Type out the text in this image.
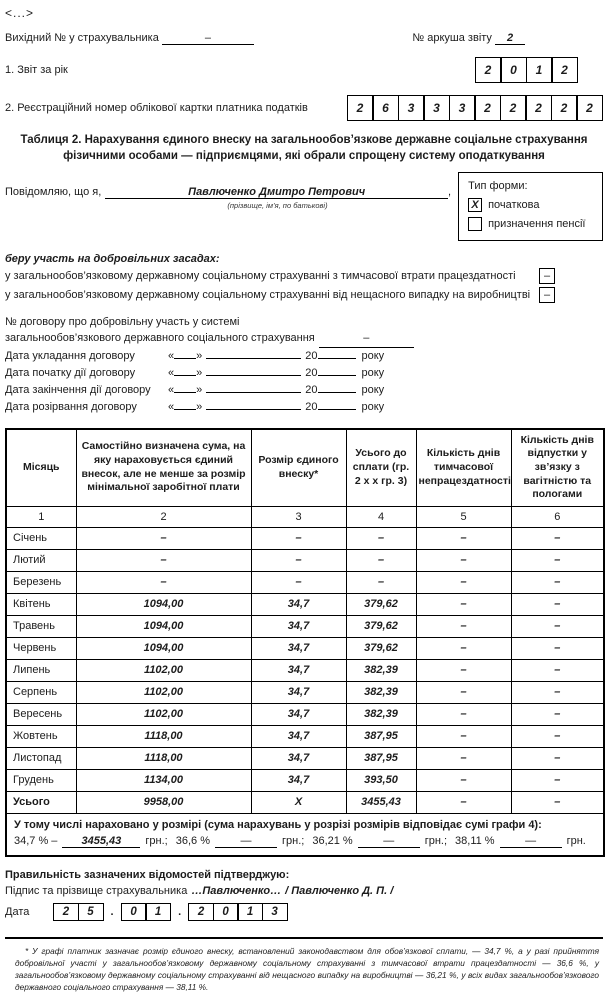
<...>
Вихідний № у страхувальника	–	№ аркуша звіту 2
1. Звіт за рік	2	0	1	2
2. Реєстраційний номер облікової картки платника податків	2	6	3	3	3	2	2	2	2	2
Таблиця 2. Нарахування єдиного внеску на загальнообов’язкове державне соціальне страхування
фізичними особами — підприємцями, які обрали спрощену систему оподаткування
Повідомляю, що я,	Павлюченко Дмитро Петрович	,
(прізвище, ім’я, по батькові)
Тип форми:
X початкова
призначення пенсії
беру участь на добровільних засадах:
у загальнообов’язковому державному соціальному страхуванні з тимчасової втрати працездатності	–
у загальнообов’язковому державному соціальному страхуванні від нещасного випадку на виробництві	–
№ договору про добровільну участь у системі
загальнообов’язкового державного соціального страхування	–
Дата укладання договору	« »	20	року
Дата початку дії договору	« »	20	року
Дата закінчення дії договору	« »	20	року
Дата розірвання договору	« »	20	року
Місяць	Самостійно визначена сума, на яку нараховується єдиний внесок, але не менше за розмір мінімальної заробітної плати	Розмір єдиного внеску*	Усього до сплати (гр. 2 х х гр. 3)	Кількість днів тимчасової непрацездатності	Кількість днів відпустки у зв’язку з вагітністю та пологами
1	2	3	4	5	6
Січень	–	–	–	–	–
Лютий	–	–	–	–	–
Березень	–	–	–	–	–
Квітень	1094,00	34,7	379,62	–	–
Травень	1094,00	34,7	379,62	–	–
Червень	1094,00	34,7	379,62	–	–
Липень	1102,00	34,7	382,39	–	–
Серпень	1102,00	34,7	382,39	–	–
Вересень	1102,00	34,7	382,39	–	–
Жовтень	1118,00	34,7	387,95	–	–
Листопад	1118,00	34,7	387,95	–	–
Грудень	1134,00	34,7	393,50	–	–
Усього	9958,00	Х	3455,43	–	–

У тому числі нараховано у розмірі (сума нарахувань у розрізі розмірів відповідає сумі графи 4):
34,7 % –	3455,43	грн.; 36,6 %	—	грн.; 36,21 %	—	грн.; 38,11 %	—	грн.
Правильність зазначених відомостей підтверджую:
Підпис та прізвище страхувальника …Павлюченко… / Павлюченко Д. П. /
Дата	2	5	.	0	1	.	2	0	1	3
* У графі платник зазначає розмір єдиного внеску, встановлений законодавством для обов’язкової сплати, — 34,7 %, а у разі прийняття добровільної участі у загальнообов’язковому державному соціальному страхуванні з тимчасової втрати працездатності — 36,6 %, у загальнообов’язковому державному соціальному страхуванні від нещасного випадку на виробництві — 36,21 %, у всіх видах загальнообов’язкового державного соціального страхування — 38,11 %.
